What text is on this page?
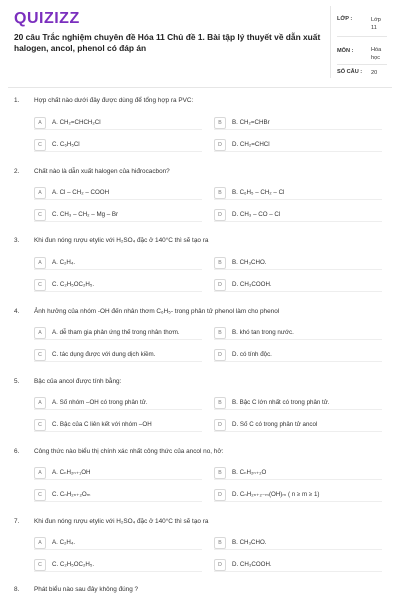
QUIZIZZ
20 câu Trắc nghiệm chuyên đề Hóa 11 Chủ đề 1. Bài tập lý thuyết về dẫn xuất halogen, ancol, phenol có đáp án
LỚP :	Lớp 11
MÔN :	Hóa học
SỐ CÂU : 20
1. Hợp chất nào dưới đây được dùng để tổng hợp ra PVC:
A	A. CH₂=CHCH₂Cl	B	B. CH₂=CHBr
C	C. C₆H₅Cl	D	D. CH₂=CHCl
2. Chất nào là dẫn xuất halogen của hiđrocacbon?
A	A. Cl – CH₂ – COOH	B	B. C₆H₅ – CH₂ – Cl
C	C. CH₃ – CH₂ – Mg – Br	D	D. CH₃ – CO – Cl
3. Khi đun nóng rượu etylic với H₂SO₄ đặc ở 140°C thì sẽ tạo ra
A	A. C₂H₄.	B	B. CH₃CHO.
C	C. C₂H₅OC₂H₅.	D	D. CH₃COOH.
4. Ảnh hưởng của nhóm -OH đến nhân thơm C₆H₅- trong phân tử phenol làm cho phenol
A	A. dễ tham gia phản ứng thế trong nhân thơm.	B	B. khó tan trong nước.
C	C. tác dụng được với dung dịch kiềm.	D	D. có tính độc.
5. Bậc của ancol được tính bằng:
A	A. Số nhóm –OH có trong phân tử.	B	B. Bậc C lớn nhất có trong phân tử.
C	C. Bậc của C liên kết với nhóm –OH	D	D. Số C có trong phân tử ancol
6. Công thức nào biểu thị chính xác nhất công thức của ancol no, hở:
A	A. CₙH₂ₙ₊₁OH	B	B. CₙH₂ₙ₊₂O
C	C. CₙH₂ₙ₊₂Oₘ	D	D. CₙH₂ₙ₊₂₋ₘ(OH)ₘ ( n ≥ m ≥ 1)
7. Khi đun nóng rượu etylic với H₂SO₄ đặc ở 140°C thì sẽ tạo ra
A	A. C₂H₄.	B	B. CH₃CHO.
C	C. C₂H₅OC₂H₅.	D	D. CH₃COOH.
8. Phát biểu nào sau đây không đúng ?
